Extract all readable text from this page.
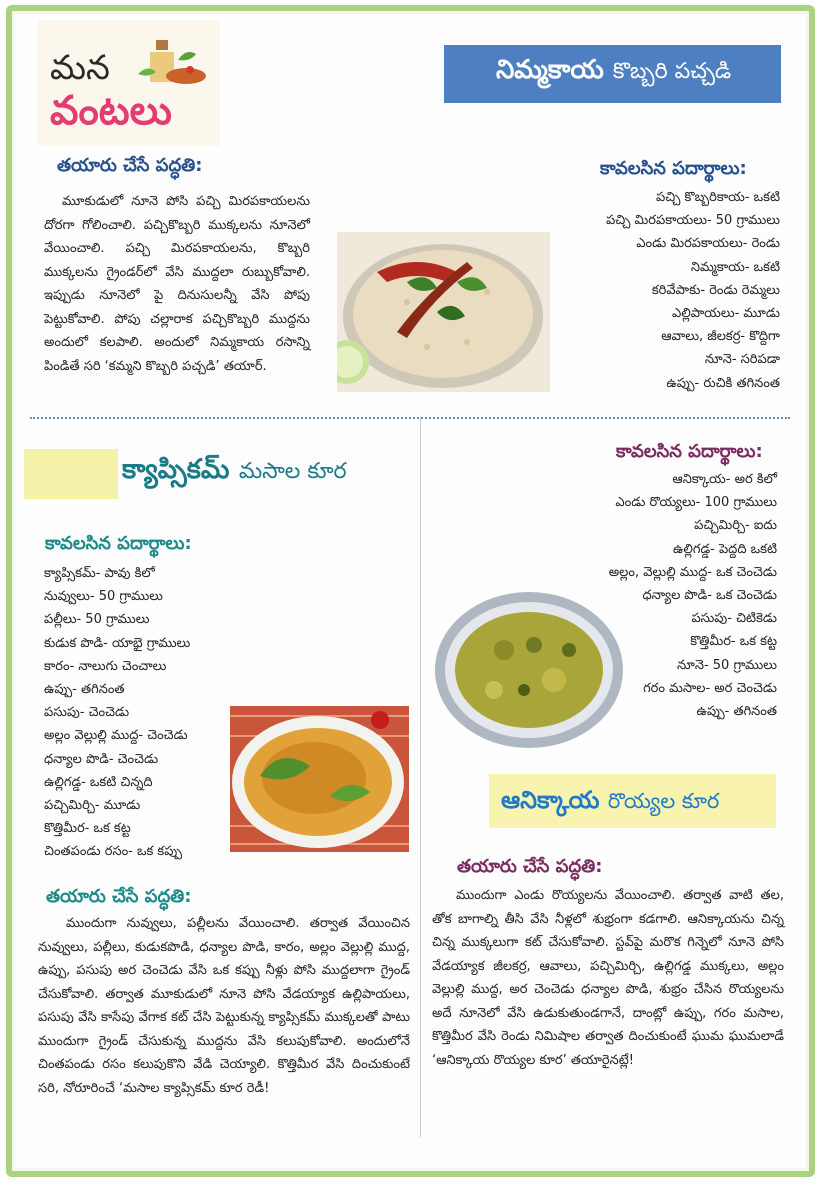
మన
వంటలు
నిమ్మకాయ కొబ్బరి పచ్చడి
తయారు చేసే పద్ధతి:
మూకుడులో నూనె పోసి పచ్చి మిరపకాయలను దోరగా గోలించాలి. పచ్చికొబ్బరి ముక్కలను నూనెలో వేయించాలి. పచ్చి మిరపకాయలను, కొబ్బరి ముక్కలను గ్రైండర్‌లో వేసి ముద్దలా రుబ్బుకోవాలి. ఇప్పుడు నూనెలో పై దినుసులన్నీ వేసి పోపు పెట్టుకోవాలి. పోపు చల్లారాక పచ్చికొబ్బరి ముద్దను అందులో కలపాలి. అందులో నిమ్మకాయ రసాన్ని పిండితే సరి ‘కమ్మని కొబ్బరి పచ్చడి’ తయార్.
కావలసిన పదార్థాలు:
పచ్చి కొబ్బరికాయ- ఒకటి
పచ్చి మిరపకాయలు- 50 గ్రాములు
ఎండు మిరపకాయలు- రెండు
నిమ్మకాయ- ఒకటి
కరివేపాకు- రెండు రెమ్మలు
ఎల్లిపాయలు- మూడు
ఆవాలు, జీలకర్ర- కొద్దిగా
నూనె- సరిపడా
ఉప్పు- రుచికి తగినంత
క్యాప్సికమ్ మసాల కూర
కావలసిన పదార్థాలు:
క్యాప్సికమ్- పావు కిలో
నువ్వులు- 50 గ్రాములు
పల్లీలు- 50 గ్రాములు
కుడుక పొడి- యాభై గ్రాములు
కారం- నాలుగు చెంచాలు
ఉప్పు- తగినంత
పసుపు- చెంచెడు
అల్లం వెల్లుల్లి ముద్ద- చెంచెడు
ధన్యాల పొడి- చెంచెడు
ఉల్లిగడ్డ- ఒకటి చిన్నది
పచ్చిమిర్చి- మూడు
కొత్తిమీర- ఒక కట్ట
చింతపండు రసం- ఒక కప్పు
తయారు చేసే పద్ధతి:
ముందుగా నువ్వులు, పల్లీలను వేయించాలి. తర్వాత వేయించిన నువ్వులు, పల్లీలు, కుడుకపొడి, ధన్యాల పొడి, కారం, అల్లం వెల్లుల్లి ముద్ద, ఉప్పు, పసుపు అర చెంచెడు వేసి ఒక కప్పు నీళ్లు పోసి ముద్దలాగా గ్రైండ్ చేసుకోవాలి. తర్వాత మూకుడులో నూనె పోసి వేడయ్యాక ఉల్లిపాయలు, పసుపు వేసి కాసేపు వేగాక కట్ చేసి పెట్టుకున్న క్యాప్సికమ్ ముక్కలతో పాటు ముందుగా గ్రైండ్ చేసుకున్న ముద్దను వేసి కలుపుకోవాలి. అందులోనే చింతపండు రసం కలుపుకొని వేడి చెయ్యాలి. కొత్తిమీర వేసి దించుకుంటే సరి, నోరూరించే ‘మసాల క్యాప్సికమ్ కూర రెడీ!
కావలసిన పదార్థాలు:
ఆనిక్కాయ- అర కిలో
ఎండు రొయ్యలు- 100 గ్రాములు
పచ్చిమిర్చి- ఐదు
ఉల్లిగడ్డ- పెద్దది ఒకటి
అల్లం, వెల్లుల్లి ముద్ద- ఒక చెంచెడు
ధన్యాల పొడి- ఒక చెంచెడు
పసుపు- చిటికెడు
కొత్తిమీర- ఒక కట్ట
నూనె- 50 గ్రాములు
గరం మసాల- అర చెంచెడు
ఉప్పు- తగినంత
ఆనిక్కాయ రొయ్యల కూర
తయారు చేసే పద్ధతి:
ముందుగా ఎండు రొయ్యలను వేయించాలి. తర్వాత వాటి తల, తోక బాగాల్ని తీసి వేసి నీళ్లలో శుభ్రంగా కడగాలి. ఆనిక్కాయను చిన్న చిన్న ముక్కలుగా కట్ చేసుకోవాలి. స్టవ్‌పై మరొక గిన్నెలో నూనె పోసి వేడయ్యాక జీలకర్ర, ఆవాలు, పచ్చిమిర్చి, ఉల్లిగడ్డ ముక్కలు, అల్లం వెల్లుల్లి ముద్ద, అర చెంచెడు ధన్యాల పొడి, శుభ్రం చేసిన రొయ్యలను అదే నూనెలో వేసి ఉడుకుతుండగానే, దాంట్లో ఉప్పు, గరం మసాల, కొత్తిమీర వేసి రెండు నిమిషాల తర్వాత దించుకుంటే ఘుమ ఘుమలాడే ‘ఆనిక్కాయ రొయ్యల కూర’ తయారైనట్లే!
